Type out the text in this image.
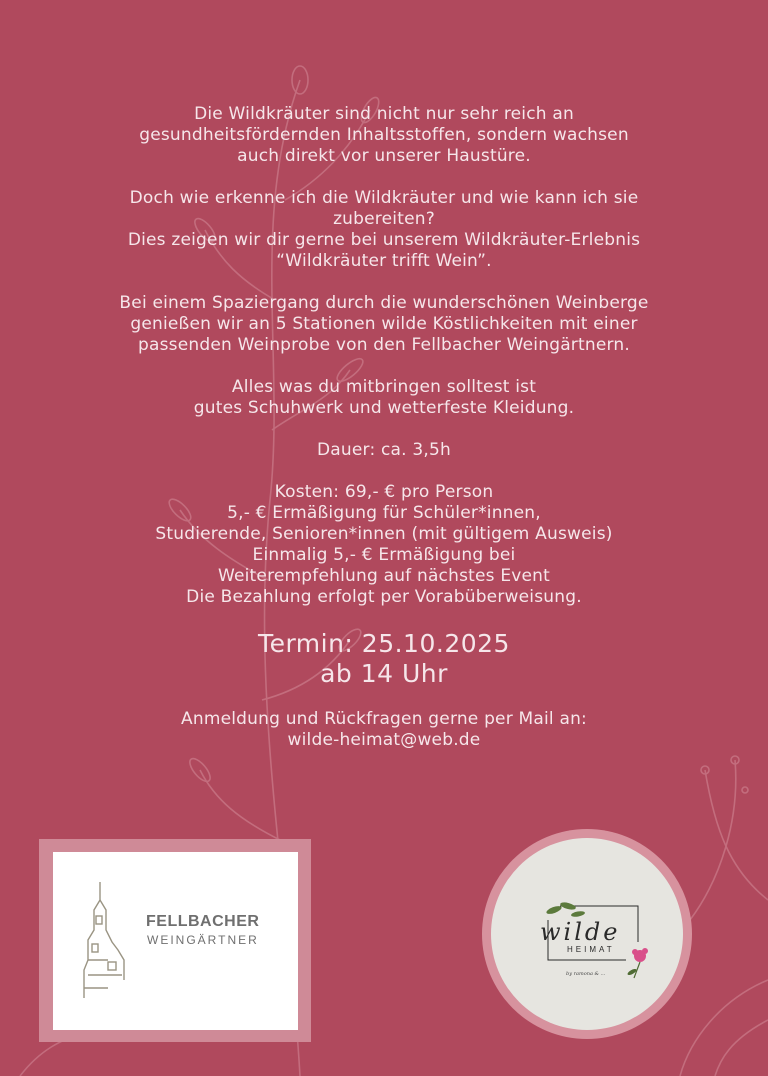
Die Wildkräuter sind nicht nur sehr reich an
gesundheitsfördernden Inhaltsstoffen, sondern wachsen
auch direkt vor unserer Haustüre.

Doch wie erkenne ich die Wildkräuter und wie kann ich sie
zubereiten?
Dies zeigen wir dir gerne bei unserem Wildkräuter-Erlebnis
“Wildkräuter trifft Wein”.

Bei einem Spaziergang durch die wunderschönen Weinberge
genießen wir an 5 Stationen wilde Köstlichkeiten mit einer
passenden Weinprobe von den Fellbacher Weingärtnern.

Alles was du mitbringen solltest ist
gutes Schuhwerk und wetterfeste Kleidung.

Dauer: ca. 3,5h

Kosten: 69,- € pro Person
5,- € Ermäßigung für Schüler*innen,
Studierende, Senioren*innen (mit gültigem Ausweis)
Einmalig 5,- € Ermäßigung bei
Weiterempfehlung auf nächstes Event
Die Bezahlung erfolgt per Vorabüberweisung.

Termin: 25.10.2025
ab 14 Uhr
Anmeldung und Rückfragen gerne per Mail an:
wilde-heimat@web.de
FELLBACHER
WEINGÄRTNER	wilde
HEIMAT
by ramona & ...
